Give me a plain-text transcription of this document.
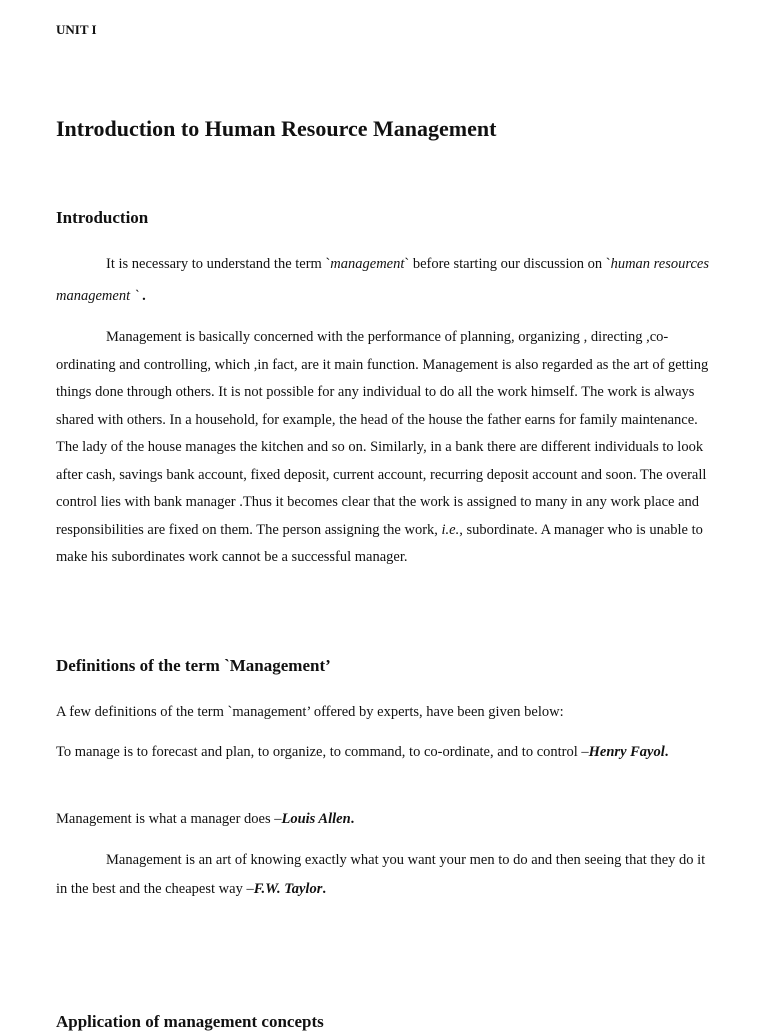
UNIT I
Introduction to Human Resource Management
Introduction

It is necessary to understand the term `management` before starting our discussion on `human resources management ` .

Management is basically concerned with the performance of planning, organizing , directing ,co-ordinating and controlling, which ,in fact, are it main function. Management is also regarded as the art of getting things done through others. It is not possible for any individual to do all the work himself. The work is always shared with others. In a household, for example, the head of the house the father earns for family maintenance. The lady of the house manages the kitchen and so on. Similarly, in a bank there are different individuals to look after cash, savings bank account, fixed deposit, current account, recurring deposit account and soon. The overall control lies with bank manager .Thus it becomes clear that the work is assigned to many in any work place and responsibilities are fixed on them. The person assigning the work, i.e., subordinate. A manager who is unable to make his subordinates work cannot be a successful manager.

Definitions of the term `Management’

A few definitions of the term `management’ offered by experts, have been given below:

To manage is to forecast and plan, to organize, to command, to co-ordinate, and to control –Henry Fayol.

Management is what a manager does –Louis Allen.

Management is an art of knowing exactly what you want your men to do and then seeing that they do it in the best and the cheapest way –F.W. Taylor.

Application of management concepts
